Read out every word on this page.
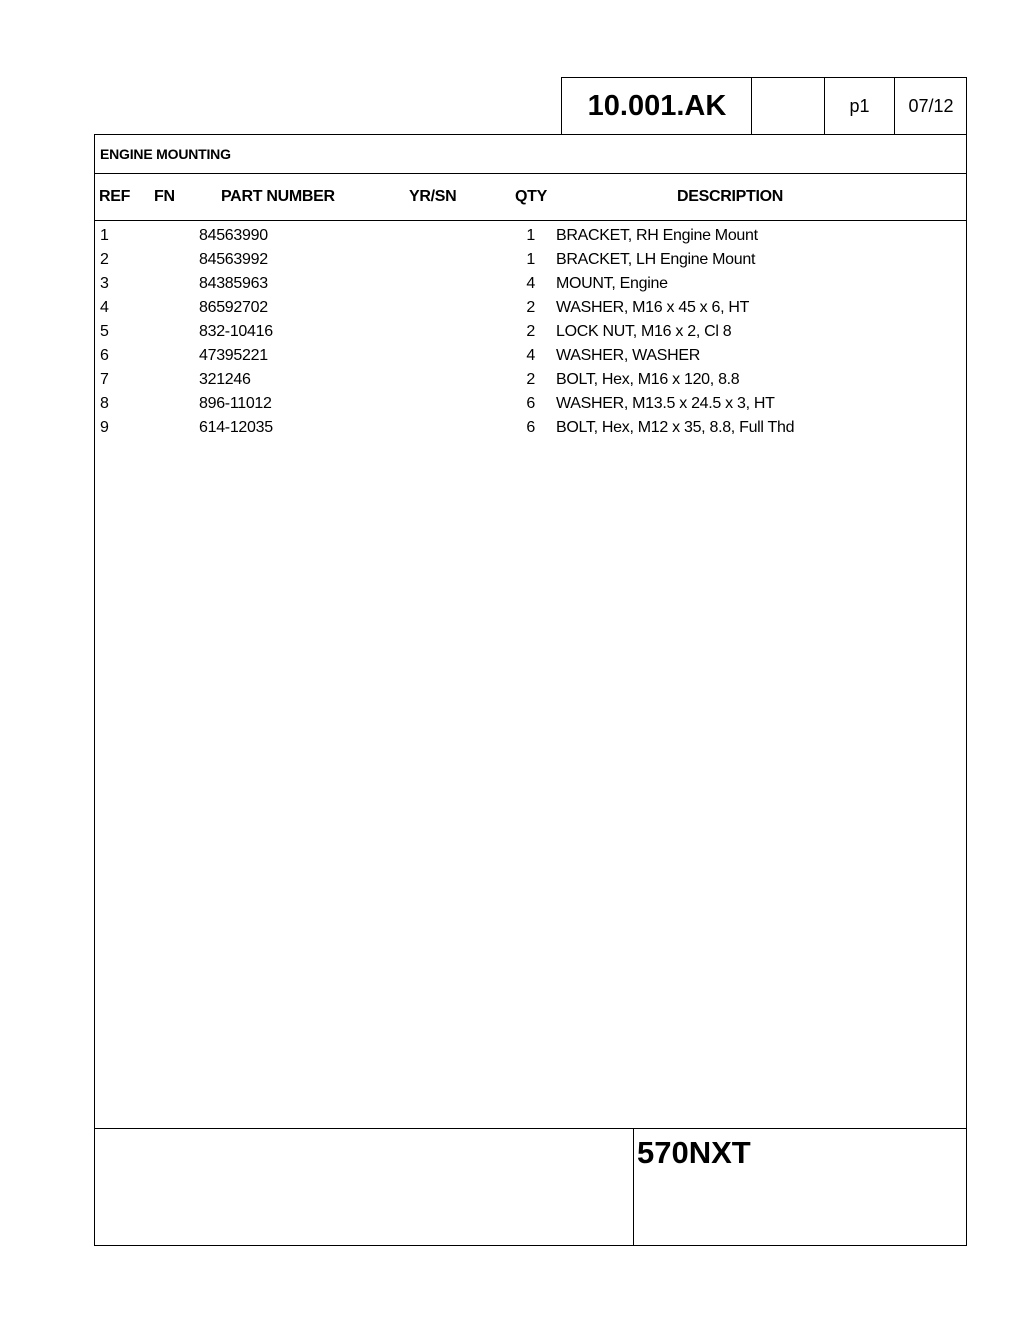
10.001.AK	p1	07/12
ENGINE MOUNTING
REF FN	PART NUMBER	YR/SN	QTY	DESCRIPTION
1	84563990	1 BRACKET, RH Engine Mount
2	84563992	1 BRACKET, LH Engine Mount
3	84385963	4 MOUNT, Engine
4	86592702	2 WASHER, M16 x 45 x 6, HT
5	832-10416	2 LOCK NUT, M16 x 2, Cl 8
6	47395221	4 WASHER, WASHER
7	321246	2 BOLT, Hex, M16 x 120, 8.8
8	896-11012	6 WASHER, M13.5 x 24.5 x 3, HT
9	614-12035	6 BOLT, Hex, M12 x 35, 8.8, Full Thd
570NXT
